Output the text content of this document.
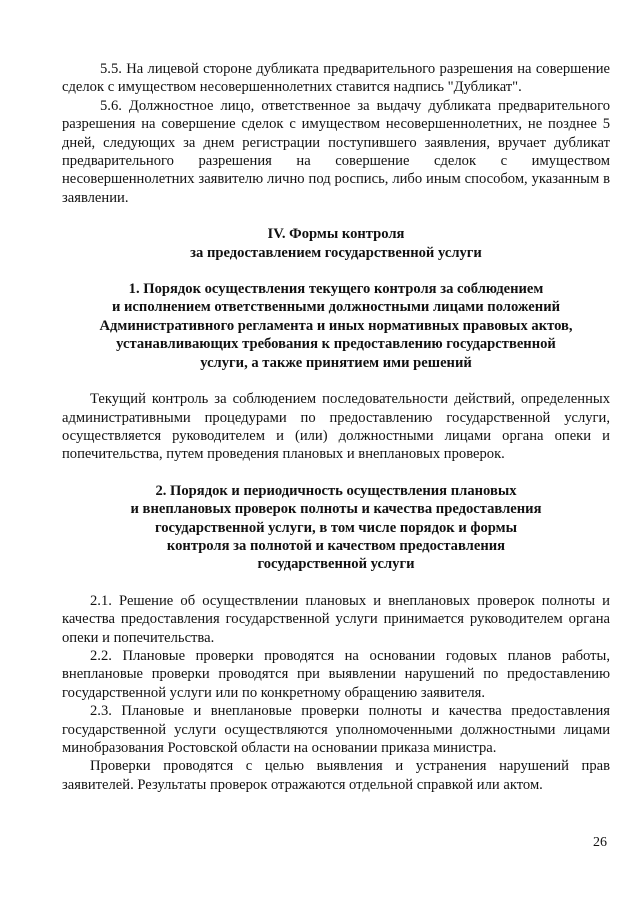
5.5. На лицевой стороне дубликата предварительного разрешения на совершение сделок с имуществом несовершеннолетних ставится надпись "Дубликат".

5.6. Должностное лицо, ответственное за выдачу дубликата предварительного разрешения на совершение сделок с имуществом несовершеннолетних, не позднее 5 дней, следующих за днем регистрации поступившего заявления, вручает дубликат предварительного разрешения на совершение сделок с имуществом несовершеннолетних заявителю лично под роспись, либо иным способом, указанным в заявлении.

IV. Формы контроля

за предоставлением государственной услуги

1. Порядок осуществления текущего контроля за соблюдением

и исполнением ответственными должностными лицами положений

Административного регламента и иных нормативных правовых актов,

устанавливающих требования к предоставлению государственной

услуги, а также принятием ими решений

Текущий контроль за соблюдением последовательности действий, определенных административными процедурами по предоставлению государственной услуги, осуществляется руководителем и (или) должностными лицами органа опеки и попечительства, путем проведения плановых и внеплановых проверок.

2. Порядок и периодичность осуществления плановых

и внеплановых проверок полноты и качества предоставления

государственной услуги, в том числе порядок и формы

контроля за полнотой и качеством предоставления

государственной услуги

2.1. Решение об осуществлении плановых и внеплановых проверок полноты и качества предоставления государственной услуги принимается руководителем органа опеки и попечительства.

2.2. Плановые проверки проводятся на основании годовых планов работы, внеплановые проверки проводятся при выявлении нарушений по предоставлению государственной услуги или по конкретному обращению заявителя.

2.3. Плановые и внеплановые проверки полноты и качества предоставления государственной услуги осуществляются уполномоченными должностными лицами минобразования Ростовской области на основании приказа министра.

Проверки проводятся с целью выявления и устранения нарушений прав заявителей. Результаты проверок отражаются отдельной справкой или актом.

26
